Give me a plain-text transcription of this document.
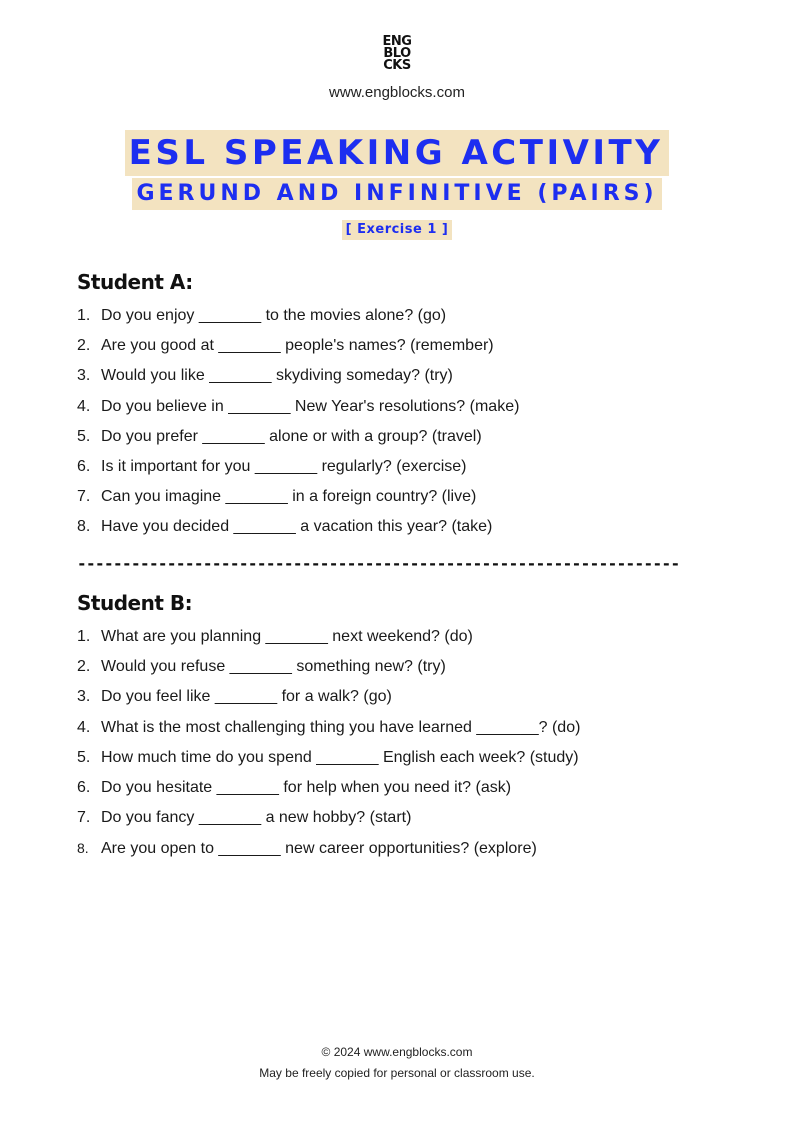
ENG
BLO
CKS
www.engblocks.com
ESL SPEAKING ACTIVITY
GERUND AND INFINITIVE (PAIRS)
[ Exercise 1 ]
Student A:
1. Do you enjoy _______ to the movies alone? (go)
2. Are you good at _______ people's names? (remember)
3. Would you like _______ skydiving someday? (try)
4. Do you believe in _______ New Year's resolutions? (make)
5. Do you prefer _______ alone or with a group? (travel)
6. Is it important for you _______ regularly? (exercise)
7. Can you imagine _______ in a foreign country? (live)
8. Have you decided _______ a vacation this year? (take)
-------------------------------------------------------------------
Student B:
1. What are you planning _______ next weekend? (do)
2. Would you refuse _______ something new? (try)
3. Do you feel like _______ for a walk? (go)
4. What is the most challenging thing you have learned _______? (do)
5. How much time do you spend _______ English each week? (study)
6. Do you hesitate _______ for help when you need it? (ask)
7. Do you fancy _______ a new hobby? (start)
8. Are you open to _______ new career opportunities? (explore)
© 2024 www.engblocks.com
May be freely copied for personal or classroom use.
